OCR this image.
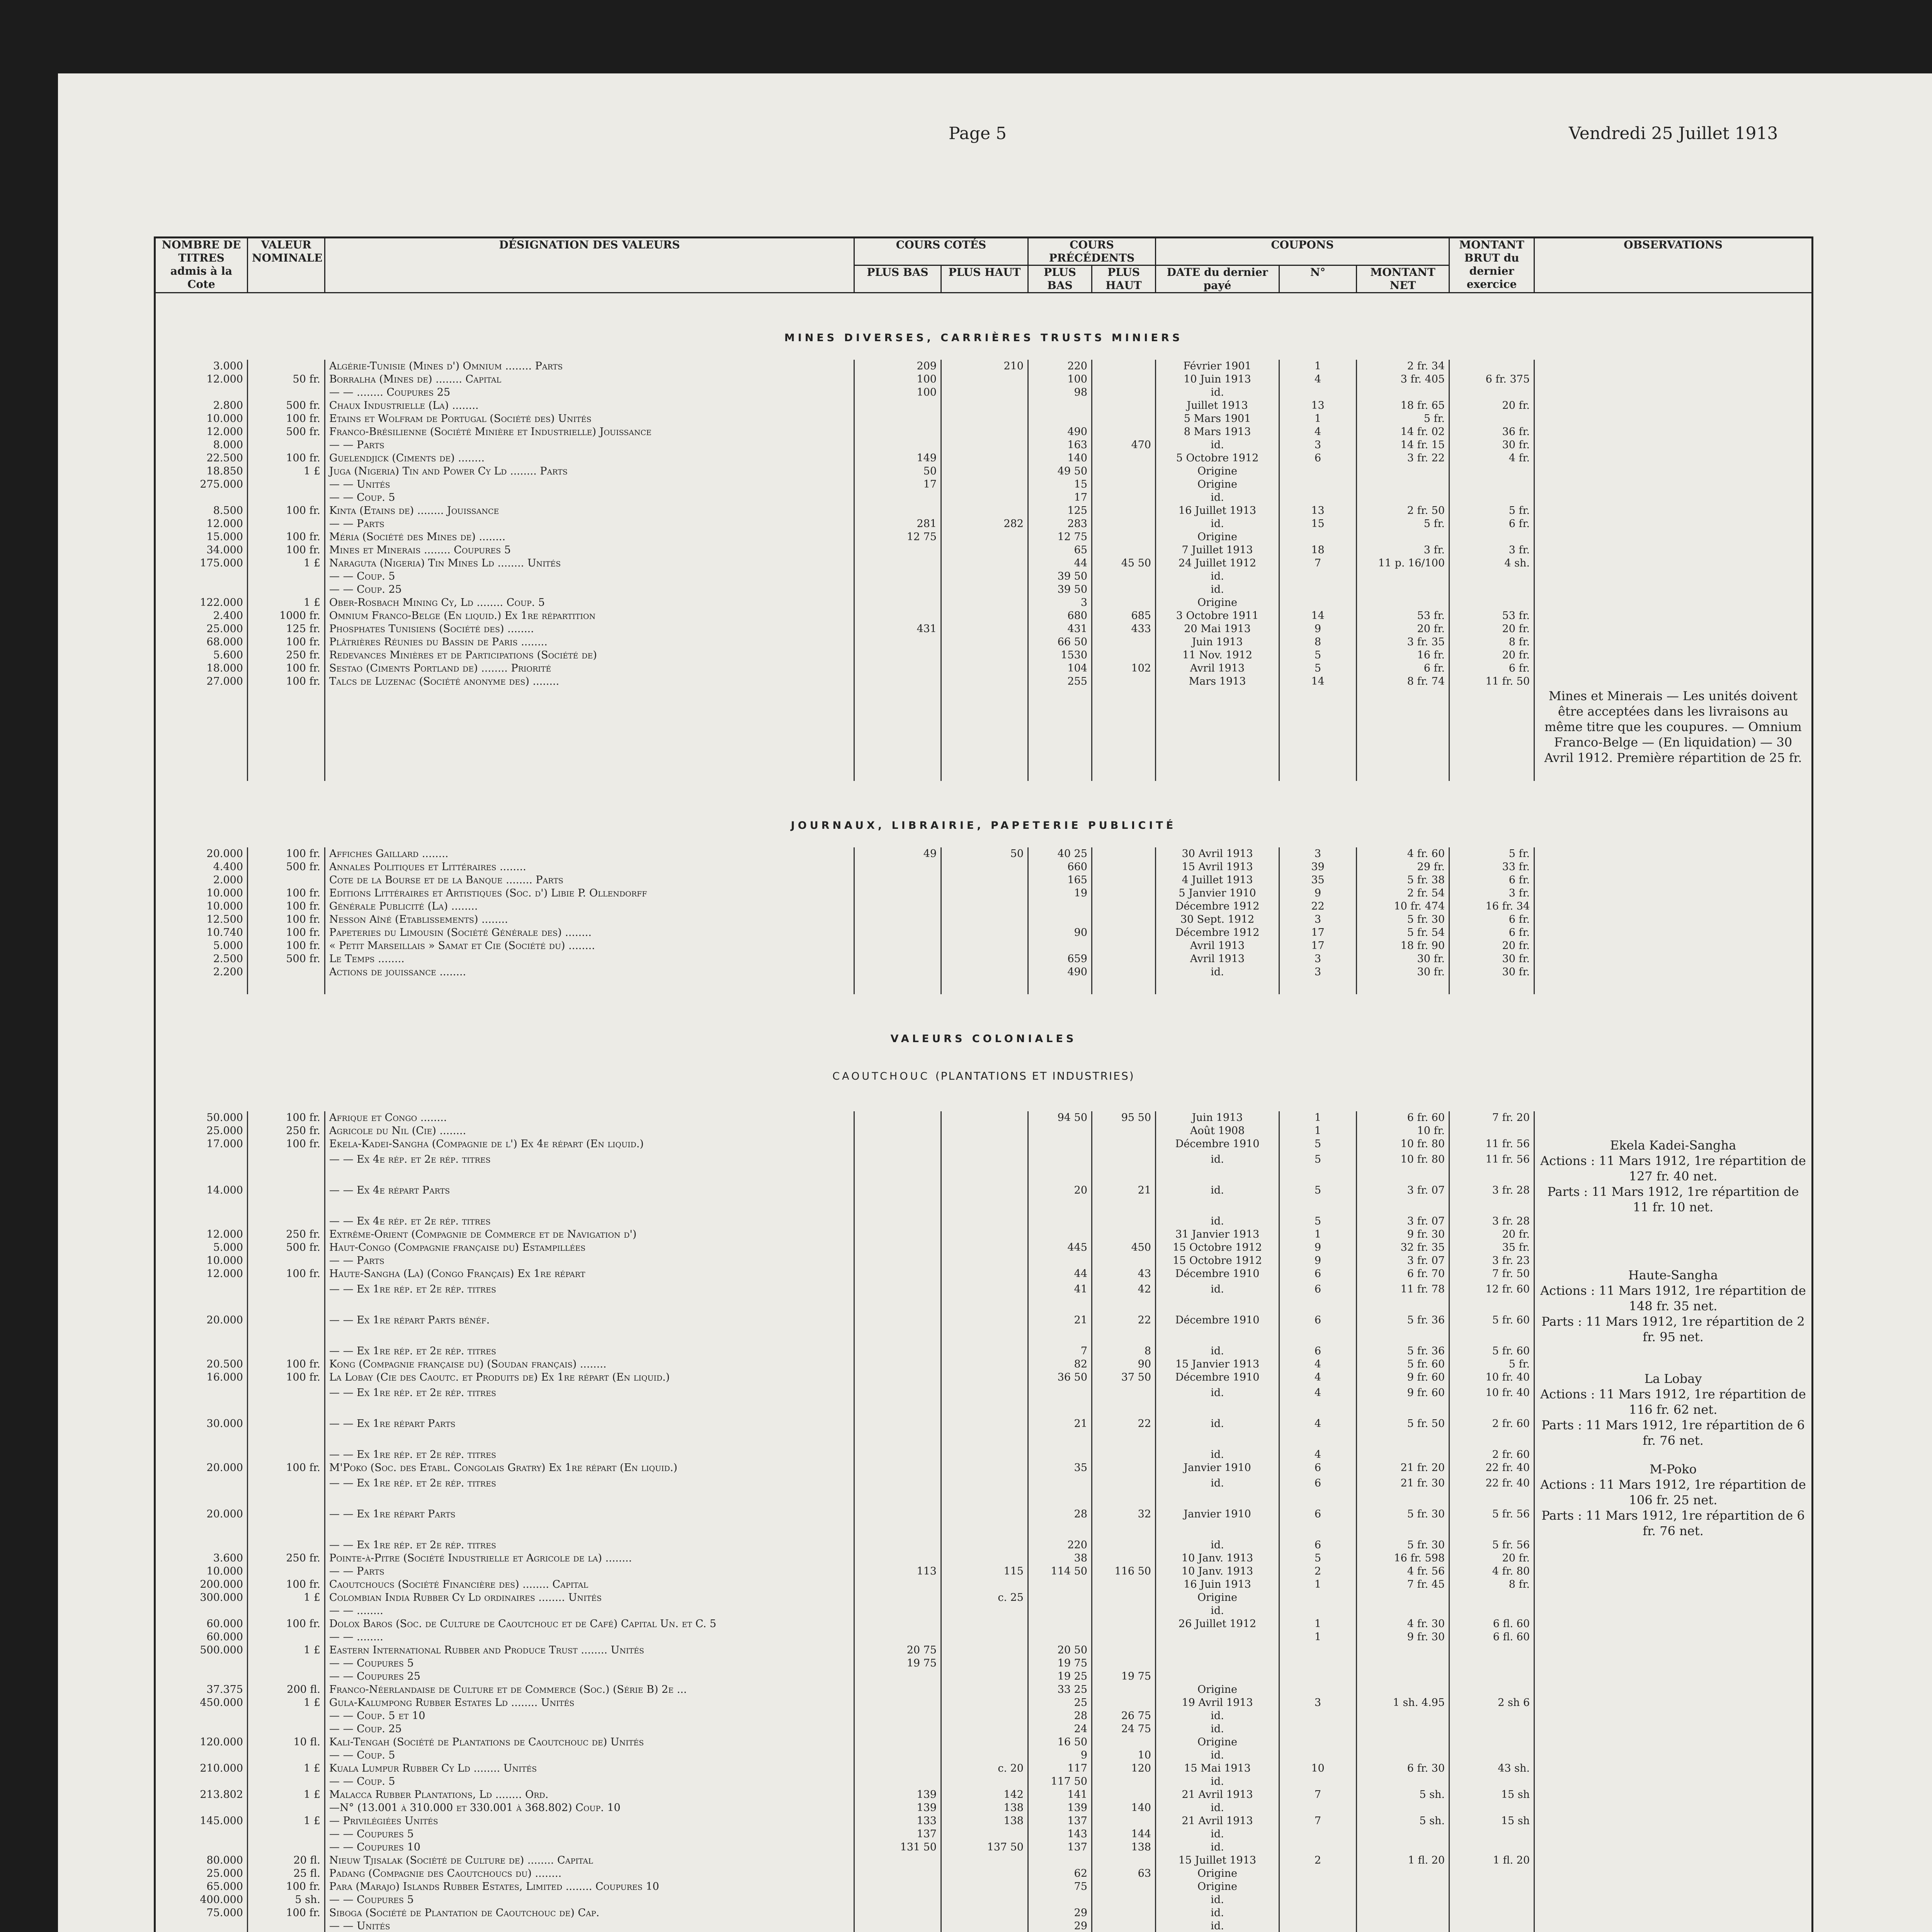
Page 5	Vendredi 25 Juillet 1913
NOMBRE DE TITRES admis à la Cote	VALEUR NOMINALE	DÉSIGNATION DES VALEURS	COURS COTÉS		COURS PRÉCÉDENTS		COUPONS			MONTANT BRUT du dernier exercice	OBSERVATIONS
			PLUS BAS	PLUS HAUT	PLUS BAS	PLUS HAUT	DATE du dernier payé	N°	MONTANT NET		
MINES DIVERSES, CARRIÈRES TRUSTS MINIERS											
3.000		Algérie-Tunisie (Mines d') Omnium ........ Parts	209	210	220		Février 1901	1	2 fr. 34		
12.000	50 fr.	Borralha (Mines de) ........ Capital	100		100		10 Juin 1913	4	3 fr. 405	6 fr. 375	
		— — ........ Coupures 25	100		98		id.				
2.800	500 fr.	Chaux Industrielle (La) ........					Juillet 1913	13	18 fr. 65	20 fr.	
10.000	100 fr.	Etains et Wolfram de Portugal (Société des) Unités					5 Mars 1901	1	5 fr.		
12.000	500 fr.	Franco-Brésilienne (Société Minière et Industrielle) Jouissance			490		8 Mars 1913	4	14 fr. 02	36 fr.	
8.000		— — Parts			163	470	id.	3	14 fr. 15	30 fr.	
22.500	100 fr.	Guelendjick (Ciments de) ........	149		140		5 Octobre 1912	6	3 fr. 22	4 fr.	
18.850	1 £	Juga (Nigeria) Tin and Power Cy Ld ........ Parts	50		49 50		Origine				
275.000		— — Unités	17		15		Origine				
		— — Coup. 5			17		id.				
8.500	100 fr.	Kinta (Etains de) ........ Jouissance			125		16 Juillet 1913	13	2 fr. 50	5 fr.	
12.000		— — Parts	281	282	283		id.	15	5 fr.	6 fr.	
15.000	100 fr.	Méria (Société des Mines de) ........	12 75		12 75		Origine				
34.000	100 fr.	Mines et Minerais ........ Coupures 5			65		7 Juillet 1913	18	3 fr.	3 fr.	
175.000	1 £	Naraguta (Nigeria) Tin Mines Ld ........ Unités			44	45 50	24 Juillet 1912	7	11 p. 16/100	4 sh.	
		— — Coup. 5			39 50		id.				
		— — Coup. 25			39 50		id.				
122.000	1 £	Ober-Rosbach Mining Cy, Ld ........ Coup. 5			3		Origine				
2.400	1000 fr.	Omnium Franco-Belge (En liquid.) Ex 1re répartition			680	685	3 Octobre 1911	14	53 fr.	53 fr.	
25.000	125 fr.	Phosphates Tunisiens (Société des) ........	431		431	433	20 Mai 1913	9	20 fr.	20 fr.	
68.000	100 fr.	Plâtrières Réunies du Bassin de Paris ........			66 50		Juin 1913	8	3 fr. 35	8 fr.	
5.600	250 fr.	Redevances Minières et de Participations (Société de)			1530		11 Nov. 1912	5	16 fr.	20 fr.	
18.000	100 fr.	Sestao (Ciments Portland de) ........ Priorité			104	102	Avril 1913	5	6 fr.	6 fr.	
27.000	100 fr.	Talcs de Luzenac (Société anonyme des) ........			255		Mars 1913	14	8 fr. 74	11 fr. 50	
											Mines et Minerais — Les unités doivent être acceptées dans les livraisons au même titre que les coupures. — Omnium Franco-Belge — (En liquidation) — 30 Avril 1912. Première répartition de 25 fr.

JOURNAUX, LIBRAIRIE, PAPETERIE PUBLICITÉ											
20.000	100 fr.	Affiches Gaillard ........	49	50	40 25		30 Avril 1913	3	4 fr. 60	5 fr.	
4.400	500 fr.	Annales Politiques et Littéraires ........			660		15 Avril 1913	39	29 fr.	33 fr.	
2.000		Cote de la Bourse et de la Banque ........ Parts			165		4 Juillet 1913	35	5 fr. 38	6 fr.	
10.000	100 fr.	Editions Littéraires et Artistiques (Soc. d') Libie P. Ollendorff			19		5 Janvier 1910	9	2 fr. 54	3 fr.	
10.000	100 fr.	Générale Publicité (La) ........					Décembre 1912	22	10 fr. 474	16 fr. 34	
12.500	100 fr.	Nesson Aîné (Etablissements) ........					30 Sept. 1912	3	5 fr. 30	6 fr.	
10.740	100 fr.	Papeteries du Limousin (Société Générale des) ........			90		Décembre 1912	17	5 fr. 54	6 fr.	
5.000	100 fr.	« Petit Marseillais » Samat et Cie (Société du) ........					Avril 1913	17	18 fr. 90	20 fr.	
2.500	500 fr.	Le Temps ........			659		Avril 1913	3	30 fr.	30 fr.	
2.200		Actions de jouissance ........			490		id.	3	30 fr.	30 fr.	

VALEURS COLONIALES											
CAOUTCHOUC (PLANTATIONS ET INDUSTRIES)											
50.000	100 fr.	Afrique et Congo ........			94 50	95 50	Juin 1913	1	6 fr. 60	7 fr. 20	
25.000	250 fr.	Agricole du Nil (Cie) ........					Août 1908	1	10 fr.		
17.000	100 fr.	Ekela-Kadei-Sangha (Compagnie de l') Ex 4e répart (En liquid.)					Décembre 1910	5	10 fr. 80	11 fr. 56	Ekela Kadei-Sangha
		— — Ex 4e rép. et 2e rép. titres					id.	5	10 fr. 80	11 fr. 56	Actions : 11 Mars 1912, 1re répartition de 127 fr. 40 net.
14.000		— — Ex 4e répart Parts			20	21	id.	5	3 fr. 07	3 fr. 28	Parts : 11 Mars 1912, 1re répartition de 11 fr. 10 net.
		— — Ex 4e rép. et 2e rép. titres					id.	5	3 fr. 07	3 fr. 28	
12.000	250 fr.	Extrême-Orient (Compagnie de Commerce et de Navigation d')					31 Janvier 1913	1	9 fr. 30	20 fr.	
5.000	500 fr.	Haut-Congo (Compagnie française du) Estampillées			445	450	15 Octobre 1912	9	32 fr. 35	35 fr.	
10.000		— — Parts					15 Octobre 1912	9	3 fr. 07	3 fr. 23	
12.000	100 fr.	Haute-Sangha (La) (Congo Français) Ex 1re répart			44	43	Décembre 1910	6	6 fr. 70	7 fr. 50	Haute-Sangha
		— — Ex 1re rép. et 2e rép. titres			41	42	id.	6	11 fr. 78	12 fr. 60	Actions : 11 Mars 1912, 1re répartition de 148 fr. 35 net.
20.000		— — Ex 1re répart Parts bénéf.			21	22	Décembre 1910	6	5 fr. 36	5 fr. 60	Parts : 11 Mars 1912, 1re répartition de 2 fr. 95 net.
		— — Ex 1re rép. et 2e rép. titres			7	8	id.	6	5 fr. 36	5 fr. 60	
20.500	100 fr.	Kong (Compagnie française du) (Soudan français) ........			82	90	15 Janvier 1913	4	5 fr. 60	5 fr.	
16.000	100 fr.	La Lobay (Cie des Caoutc. et Produits de) Ex 1re répart (En liquid.)			36 50	37 50	Décembre 1910	4	9 fr. 60	10 fr. 40	La Lobay
		— — Ex 1re rép. et 2e rép. titres					id.	4	9 fr. 60	10 fr. 40	Actions : 11 Mars 1912, 1re répartition de 116 fr. 62 net.
30.000		— — Ex 1re répart Parts			21	22	id.	4	5 fr. 50	2 fr. 60	Parts : 11 Mars 1912, 1re répartition de 6 fr. 76 net.
		— — Ex 1re rép. et 2e rép. titres					id.	4		2 fr. 60	
20.000	100 fr.	M'Poko (Soc. des Etabl. Congolais Gratry) Ex 1re répart (En liquid.)			35		Janvier 1910	6	21 fr. 20	22 fr. 40	M-Poko
		— — Ex 1re rép. et 2e rép. titres					id.	6	21 fr. 30	22 fr. 40	Actions : 11 Mars 1912, 1re répartition de 106 fr. 25 net.
20.000		— — Ex 1re répart Parts			28	32	Janvier 1910	6	5 fr. 30	5 fr. 56	Parts : 11 Mars 1912, 1re répartition de 6 fr. 76 net.
		— — Ex 1re rép. et 2e rép. titres			220		id.	6	5 fr. 30	5 fr. 56	
3.600	250 fr.	Pointe-à-Pitre (Société Industrielle et Agricole de la) ........			38		10 Janv. 1913	5	16 fr. 598	20 fr.	
10.000		— — Parts	113	115	114 50	116 50	10 Janv. 1913	2	4 fr. 56	4 fr. 80	
200.000	100 fr.	Caoutchoucs (Société Financière des) ........ Capital					16 Juin 1913	1	7 fr. 45	8 fr.	
300.000	1 £	Colombian India Rubber Cy Ld ordinaires ........ Unités		c. 25			Origine				
		— — ........					id.				
60.000	100 fr.	Dolox Baros (Soc. de Culture de Caoutchouc et de Café) Capital Un. et C. 5					26 Juillet 1912	1	4 fr. 30	6 fl. 60	
60.000		— — ........						1	9 fr. 30	6 fl. 60	
500.000	1 £	Eastern International Rubber and Produce Trust ........ Unités	20 75		20 50						
		— — Coupures 5	19 75		19 75						
		— — Coupures 25			19 25	19 75					
37.375	200 fl.	Franco-Néerlandaise de Culture et de Commerce (Soc.) (Série B) 2e ...			33 25		Origine				
450.000	1 £	Gula-Kalumpong Rubber Estates Ld ........ Unités			25		19 Avril 1913	3	1 sh. 4.95	2 sh 6	
		— — Coup. 5 et 10			28	26 75	id.				
		— — Coup. 25			24	24 75	id.				
120.000	10 fl.	Kali-Tengah (Société de Plantations de Caoutchouc de) Unités			16 50		Origine				
		— — Coup. 5			9	10	id.				
210.000	1 £	Kuala Lumpur Rubber Cy Ld ........ Unités		c. 20	117	120	15 Mai 1913	10	6 fr. 30	43 sh.	
		— — Coup. 5			117 50		id.				
213.802	1 £	Malacca Rubber Plantations, Ld ........ Ord.	139	142	141		21 Avril 1913	7	5 sh.	15 sh	
		—N° (13.001 à 310.000 et 330.001 à 368.802) Coup. 10	139	138	139	140	id.				
145.000	1 £	— Privilégiées Unités	133	138	137		21 Avril 1913	7	5 sh.	15 sh	
		— — Coupures 5	137		143	144	id.				
		— — Coupures 10	131 50	137 50	137	138	id.				
80.000	20 fl.	Nieuw Tjisalak (Société de Culture de) ........ Capital					15 Juillet 1913	2	1 fl. 20	1 fl. 20	
25.000	25 fl.	Padang (Compagnie des Caoutchoucs du) ........			62	63	Origine				
65.000	100 fr.	Para (Marajo) Islands Rubber Estates, Limited ........ Coupures 10			75		Origine				
400.000	5 sh.	— — Coupures 5					id.				
75.000	100 fr.	Siboga (Société de Plantation de Caoutchouc de) Cap.			29		id.				
		— — Unités			29		id.				
